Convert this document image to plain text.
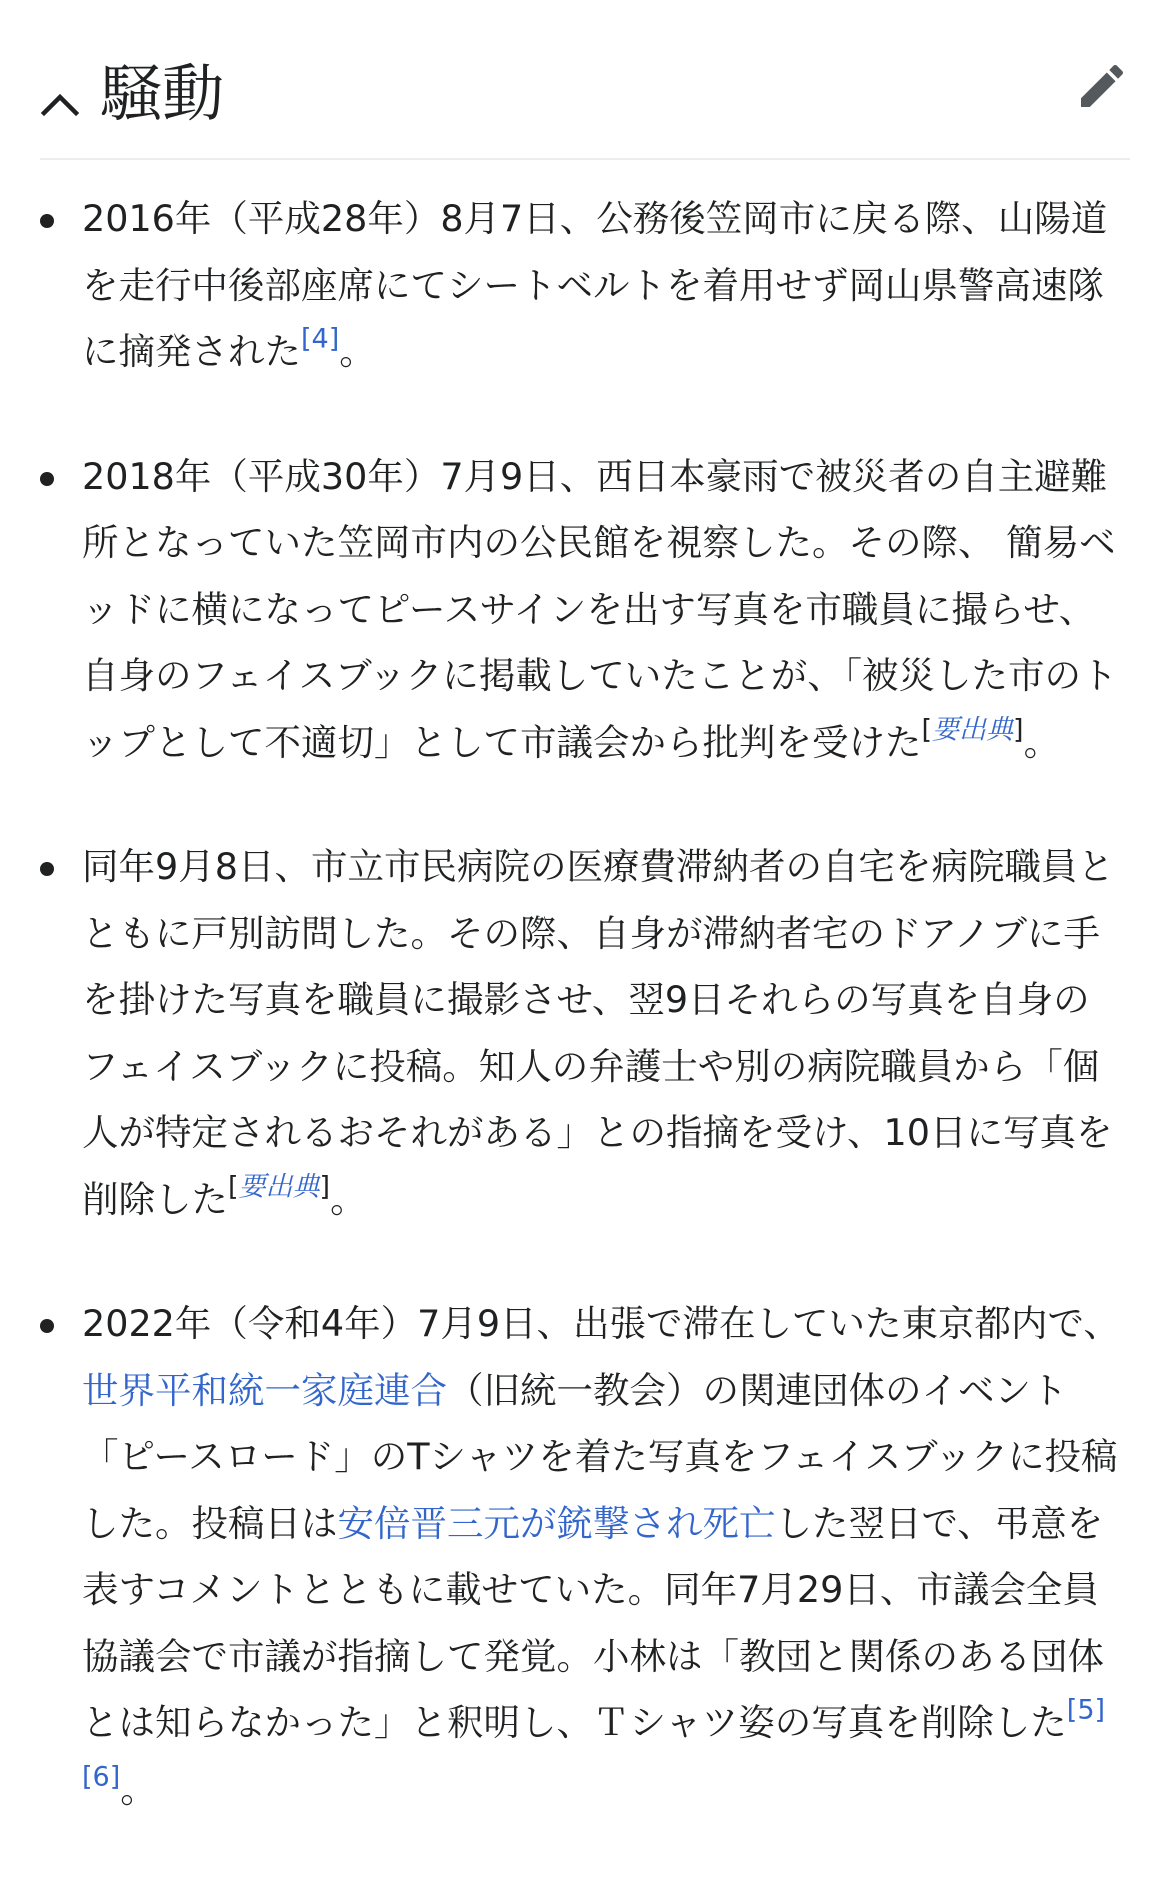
騒動
2016年（平成28年）8月7日、公務後笠岡市に戻る際、山陽道を走行中後部座席にてシートベルトを着用せず岡山県警高速隊に摘発された[4]。
2018年（平成30年）7月9日、西日本豪雨で被災者の自主避難所となっていた笠岡市内の公民館を視察した。その際、 簡易ベッドに横になってピースサインを出す写真を市職員に撮らせ、自身のフェイスブックに掲載していたことが、「被災した市のトップとして不適切」として市議会から批判を受けた[要出典]。
同年9月8日、市立市民病院の医療費滞納者の自宅を病院職員とともに戸別訪問した。その際、自身が滞納者宅のドアノブに手を掛けた写真を職員に撮影させ、翌9日それらの写真を自身のフェイスブックに投稿。知人の弁護士や別の病院職員から「個人が特定されるおそれがある」との指摘を受け、10日に写真を削除した[要出典]。
2022年（令和4年）7月9日、出張で滞在していた東京都内で、世界平和統一家庭連合（旧統一教会）の関連団体のイベント「ピースロード」のTシャツを着た写真をフェイスブックに投稿した。投稿日は安倍晋三元が銃撃され死亡した翌日で、弔意を表すコメントとともに載せていた。同年7月29日、市議会全員協議会で市議が指摘して発覚。小林は「教団と関係のある団体とは知らなかった」と釈明し、Ｔシャツ姿の写真を削除した[5][6]。
